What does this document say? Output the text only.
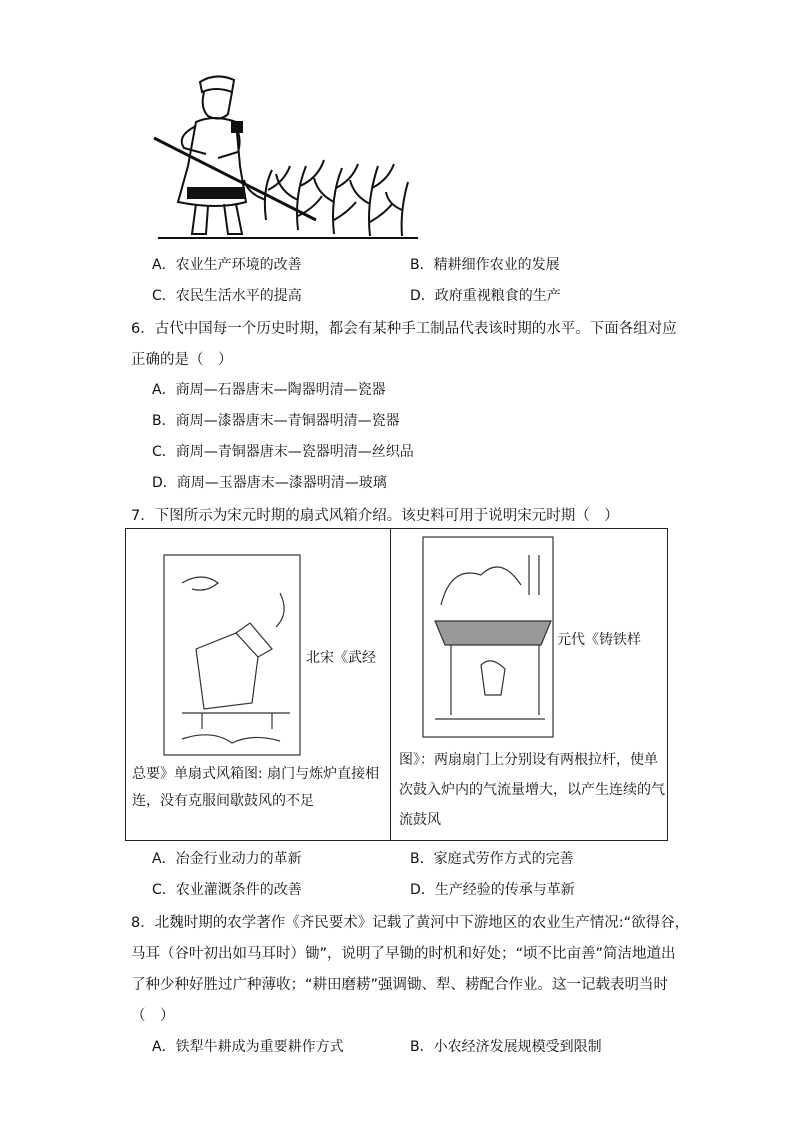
A．农业生产环境的改善	B．精耕细作农业的发展
C．农民生活水平的提高	D．政府重视粮食的生产
6．古代中国每一个历史时期，都会有某种手工制品代表该时期的水平。下面各组对应
正确的是（　）
A．商周—石器唐末—陶器明清—瓷器
B．商周—漆器唐末—青铜器明清—瓷器
C．商周—青铜器唐末—瓷器明清—丝织品
D．商周—玉器唐末—漆器明清—玻璃
7．下图所示为宋元时期的扇式风箱介绍。该史料可用于说明宋元时期（　）
北宋《武经
总要》单扇式风箱图: 扇门与炼炉直接相
连，没有克服间歇鼓风的不足

元代《铸铁样
图》：两扇扇门上分别设有两根拉杆，使单
次鼓入炉内的气流量增大，以产生连续的气
流鼓风
A．冶金行业动力的革新	B．家庭式劳作方式的完善
C．农业灌溉条件的改善	D．生产经验的传承与革新
8．北魏时期的农学著作《齐民要术》记载了黄河中下游地区的农业生产情况:“欲得谷，
马耳（谷叶初出如马耳时）锄”，说明了早锄的时机和好处；“顷不比亩善”简洁地道出
了种少种好胜过广种薄收；“耕田磨耢”强调锄、犁、耢配合作业。这一记载表明当时
（　）
A．铁犁牛耕成为重要耕作方式	B．小农经济发展规模受到限制
